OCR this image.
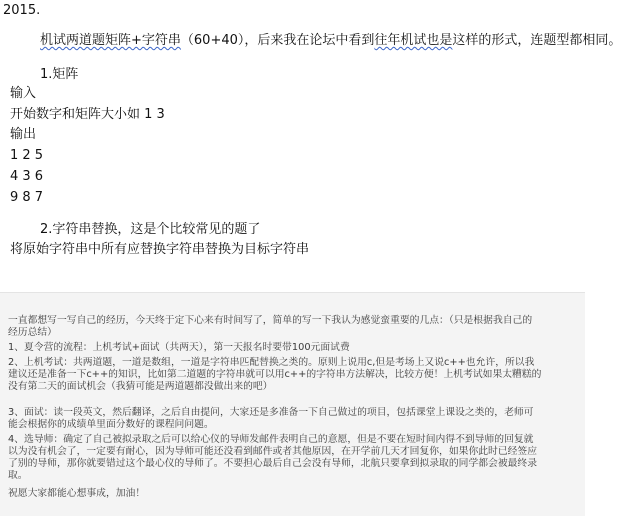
2015.
机试两道题矩阵+字符串（60+40），后来我在论坛中看到往年机试也是这样的形式，连题型都相同。
1.矩阵
输入
开始数字和矩阵大小如 1 3
输出
1 2 5
4 3 6
9 8 7
2.字符串替换，这是个比较常见的题了
将原始字符串中所有应替换字符串替换为目标字符串
一直都想写一写自己的经历，今天终于定下心来有时间写了，简单的写一下我认为感觉蛮重要的几点：（只是根据我自己的
经历总结）
1、夏令营的流程：上机考试+面试（共两天），第一天报名时要带100元面试费
2、上机考试：共两道题，一道是数组，一道是字符串匹配替换之类的。原则上说用c,但是考场上又说c++也允许，所以我
建议还是准备一下c++的知识，比如第二道题的字符串就可以用c++的字符串方法解决，比较方便！上机考试如果太糟糕的
没有第二天的面试机会（我猜可能是两道题都没做出来的吧）
3、面试：读一段英文，然后翻译，之后自由提问，大家还是多准备一下自己做过的项目，包括课堂上课设之类的，老师可
能会根据你的成绩单里面分数好的课程问问题。
4、选导师：确定了自己被拟录取之后可以给心仪的导师发邮件表明自己的意愿，但是不要在短时间内得不到导师的回复就
以为没有机会了，一定要有耐心，因为导师可能还没看到邮件或者其他原因，在开学前几天才回复你，如果你此时已经签应
了别的导师，那你就要错过这个最心仪的导师了。不要担心最后自己会没有导师，北航只要拿到拟录取的同学都会被最终录
取。
祝愿大家都能心想事成，加油！
